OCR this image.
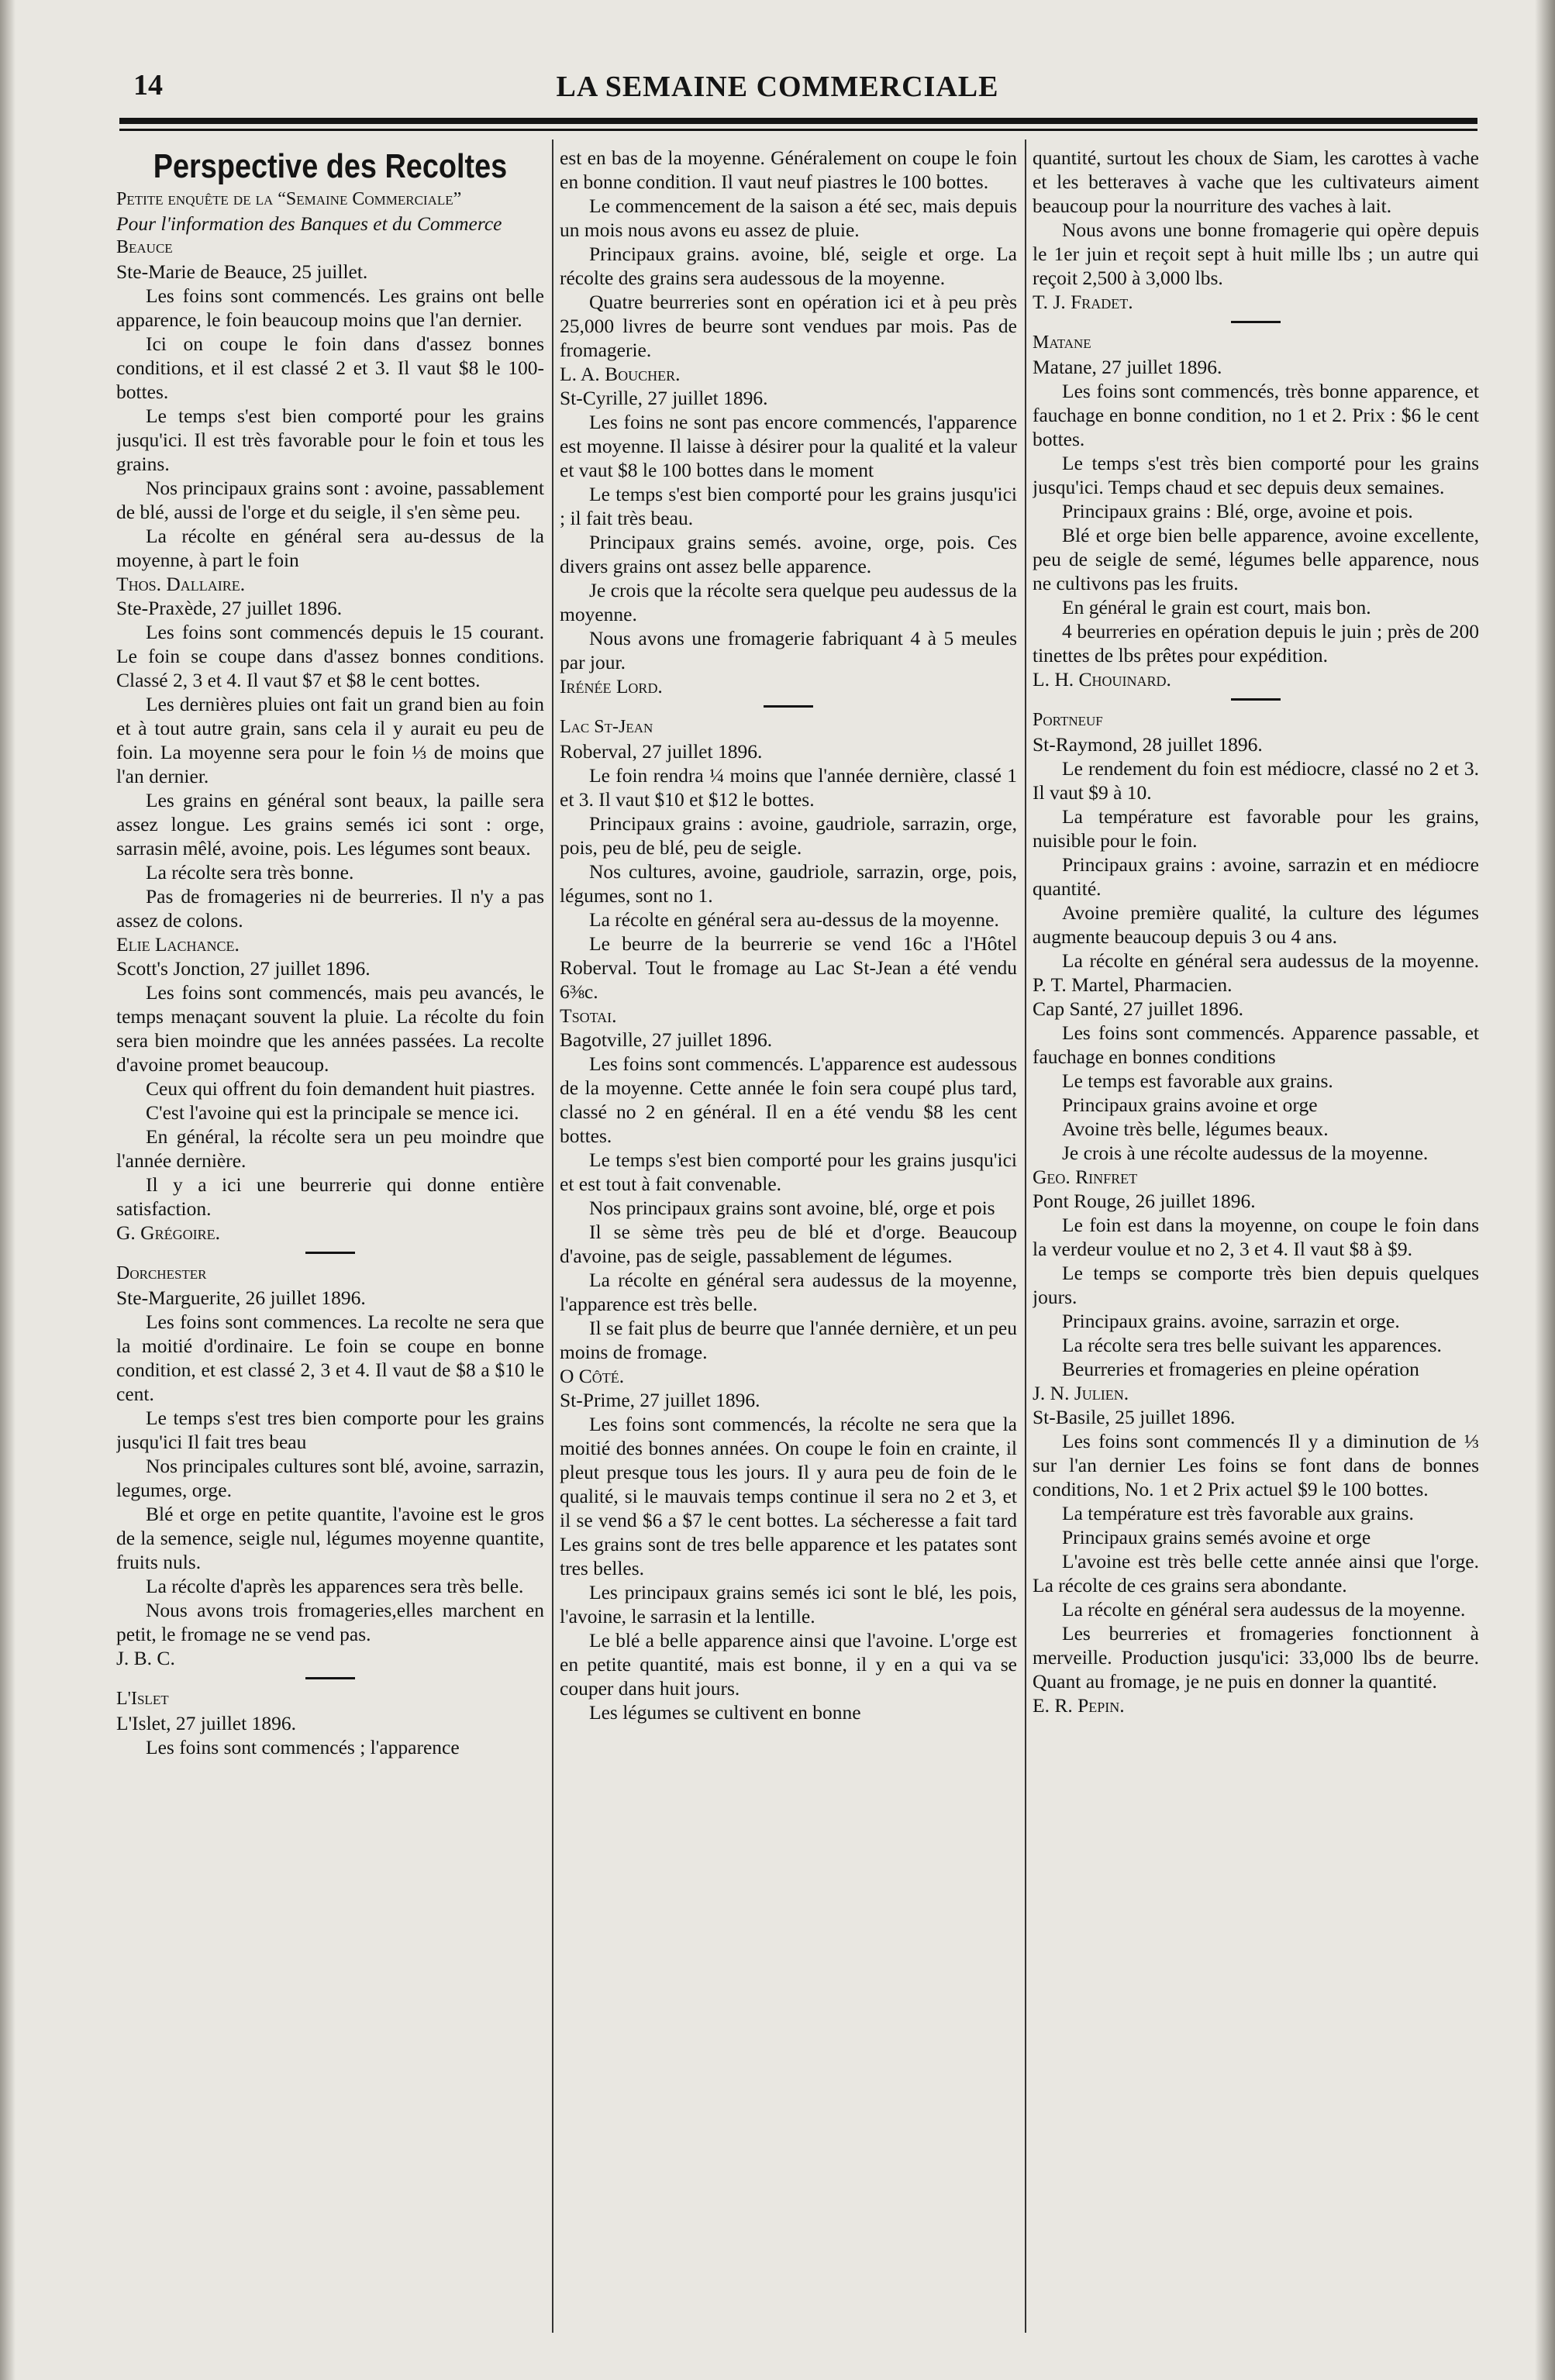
14	LA SEMAINE COMMERCIALE
Perspective des Recoltes

Petite enquête de la “Semaine Commerciale”

Pour l'information des Banques et du Commerce

Beauce

Ste-Marie de Beauce, 25 juillet.

Les foins sont commencés. Les grains ont belle apparence, le foin beaucoup moins que l'an dernier.

Ici on coupe le foin dans d'assez bonnes conditions, et il est classé 2 et 3. Il vaut $8 le 100-bottes.

Le temps s'est bien comporté pour les grains jusqu'ici. Il est très favorable pour le foin et tous les grains.

Nos principaux grains sont : avoine, passablement de blé, aussi de l'orge et du seigle, il s'en sème peu.

La récolte en général sera au-dessus de la moyenne, à part le foin

Thos. Dallaire.

Ste-Praxède, 27 juillet 1896.

Les foins sont commencés depuis le 15 courant. Le foin se coupe dans d'assez bonnes conditions. Classé 2, 3 et 4. Il vaut $7 et $8 le cent bottes.

Les dernières pluies ont fait un grand bien au foin et à tout autre grain, sans cela il y aurait eu peu de foin. La moyenne sera pour le foin ⅓ de moins que l'an dernier.

Les grains en général sont beaux, la paille sera assez longue. Les grains semés ici sont : orge, sarrasin mêlé, avoine, pois. Les légumes sont beaux.

La récolte sera très bonne.

Pas de fromageries ni de beurreries. Il n'y a pas assez de colons.

Elie Lachance.

Scott's Jonction, 27 juillet 1896.

Les foins sont commencés, mais peu avancés, le temps menaçant souvent la pluie. La récolte du foin sera bien moindre que les années passées. La recolte d'avoine promet beaucoup.

Ceux qui offrent du foin demandent huit piastres.

C'est l'avoine qui est la principale se mence ici.

En général, la récolte sera un peu moindre que l'année dernière.

Il y a ici une beurrerie qui donne entière satisfaction.

G. Grégoire.

Dorchester

Ste-Marguerite, 26 juillet 1896.

Les foins sont commences. La recolte ne sera que la moitié d'ordinaire. Le foin se coupe en bonne condition, et est classé 2, 3 et 4. Il vaut de $8 a $10 le cent.

Le temps s'est tres bien comporte pour les grains jusqu'ici Il fait tres beau

Nos principales cultures sont blé, avoine, sarrazin, legumes, orge.

Blé et orge en petite quantite, l'avoine est le gros de la semence, seigle nul, légumes moyenne quantite, fruits nuls.

La récolte d'après les apparences sera très belle.

Nous avons trois fromageries,elles marchent en petit, le fromage ne se vend pas.

J. B. C.

L'Islet

L'Islet, 27 juillet 1896.

Les foins sont commencés ; l'apparence

est en bas de la moyenne. Généralement on coupe le foin en bonne condition. Il vaut neuf piastres le 100 bottes.

Le commencement de la saison a été sec, mais depuis un mois nous avons eu assez de pluie.

Principaux grains. avoine, blé, seigle et orge. La récolte des grains sera audessous de la moyenne.

Quatre beurreries sont en opération ici et à peu près 25,000 livres de beurre sont vendues par mois. Pas de fromagerie.

L. A. Boucher.

St-Cyrille, 27 juillet 1896.

Les foins ne sont pas encore commencés, l'apparence est moyenne. Il laisse à désirer pour la qualité et la valeur et vaut $8 le 100 bottes dans le moment

Le temps s'est bien comporté pour les grains jusqu'ici ; il fait très beau.

Principaux grains semés. avoine, orge, pois. Ces divers grains ont assez belle apparence.

Je crois que la récolte sera quelque peu audessus de la moyenne.

Nous avons une fromagerie fabriquant 4 à 5 meules par jour.

Irénée Lord.

Lac St-Jean

Roberval, 27 juillet 1896.

Le foin rendra ¼ moins que l'année dernière, classé 1 et 3. Il vaut $10 et $12 le bottes.

Principaux grains : avoine, gaudriole, sarrazin, orge, pois, peu de blé, peu de seigle.

Nos cultures, avoine, gaudriole, sarrazin, orge, pois, légumes, sont no 1.

La récolte en général sera au-dessus de la moyenne.

Le beurre de la beurrerie se vend 16c a l'Hôtel Roberval. Tout le fromage au Lac St-Jean a été vendu 6⅜c.

Tsotai.

Bagotville, 27 juillet 1896.

Les foins sont commencés. L'apparence est audessous de la moyenne. Cette année le foin sera coupé plus tard, classé no 2 en général. Il en a été vendu $8 les cent bottes.

Le temps s'est bien comporté pour les grains jusqu'ici et est tout à fait convenable.

Nos principaux grains sont avoine, blé, orge et pois

Il se sème très peu de blé et d'orge. Beaucoup d'avoine, pas de seigle, passablement de légumes.

La récolte en général sera audessus de la moyenne, l'apparence est très belle.

Il se fait plus de beurre que l'année dernière, et un peu moins de fromage.

O Côté.

St-Prime, 27 juillet 1896.

Les foins sont commencés, la récolte ne sera que la moitié des bonnes années. On coupe le foin en crainte, il pleut presque tous les jours. Il y aura peu de foin de le qualité, si le mauvais temps continue il sera no 2 et 3, et il se vend $6 a $7 le cent bottes. La sécheresse a fait tard Les grains sont de tres belle apparence et les patates sont tres belles.

Les principaux grains semés ici sont le blé, les pois, l'avoine, le sarrasin et la lentille.

Le blé a belle apparence ainsi que l'avoine. L'orge est en petite quantité, mais est bonne, il y en a qui va se couper dans huit jours.

Les légumes se cultivent en bonne

quantité, surtout les choux de Siam, les carottes à vache et les betteraves à vache que les cultivateurs aiment beaucoup pour la nourriture des vaches à lait.

Nous avons une bonne fromagerie qui opère depuis le 1er juin et reçoit sept à huit mille lbs ; un autre qui reçoit 2,500 à 3,000 lbs.

T. J. Fradet.

Matane

Matane, 27 juillet 1896.

Les foins sont commencés, très bonne apparence, et fauchage en bonne condition, no 1 et 2. Prix : $6 le cent bottes.

Le temps s'est très bien comporté pour les grains jusqu'ici. Temps chaud et sec depuis deux semaines.

Principaux grains : Blé, orge, avoine et pois.

Blé et orge bien belle apparence, avoine excellente, peu de seigle de semé, légumes belle apparence, nous ne cultivons pas les fruits.

En général le grain est court, mais bon.

4 beurreries en opération depuis le juin ; près de 200 tinettes de lbs prêtes pour expédition.

L. H. Chouinard.

Portneuf

St-Raymond, 28 juillet 1896.

Le rendement du foin est médiocre, classé no 2 et 3. Il vaut $9 à 10.

La température est favorable pour les grains, nuisible pour le foin.

Principaux grains : avoine, sarrazin et en médiocre quantité.

Avoine première qualité, la culture des légumes augmente beaucoup depuis 3 ou 4 ans.

La récolte en général sera audessus de la moyenne. P. T. Martel, Pharmacien.

Cap Santé, 27 juillet 1896.

Les foins sont commencés. Apparence passable, et fauchage en bonnes conditions

Le temps est favorable aux grains.

Principaux grains avoine et orge

Avoine très belle, légumes beaux.

Je crois à une récolte audessus de la moyenne.

Geo. Rinfret

Pont Rouge, 26 juillet 1896.

Le foin est dans la moyenne, on coupe le foin dans la verdeur voulue et no 2, 3 et 4. Il vaut $8 à $9.

Le temps se comporte très bien depuis quelques jours.

Principaux grains. avoine, sarrazin et orge.

La récolte sera tres belle suivant les apparences.

Beurreries et fromageries en pleine opération

J. N. Julien.

St-Basile, 25 juillet 1896.

Les foins sont commencés Il y a diminution de ⅓ sur l'an dernier Les foins se font dans de bonnes conditions, No. 1 et 2 Prix actuel $9 le 100 bottes.

La température est très favorable aux grains.

Principaux grains semés avoine et orge

L'avoine est très belle cette année ainsi que l'orge. La récolte de ces grains sera abondante.

La récolte en général sera audessus de la moyenne.

Les beurreries et fromageries fonctionnent à merveille. Production jusqu'ici: 33,000 lbs de beurre. Quant au fromage, je ne puis en donner la quantité.

E. R. Pepin.
